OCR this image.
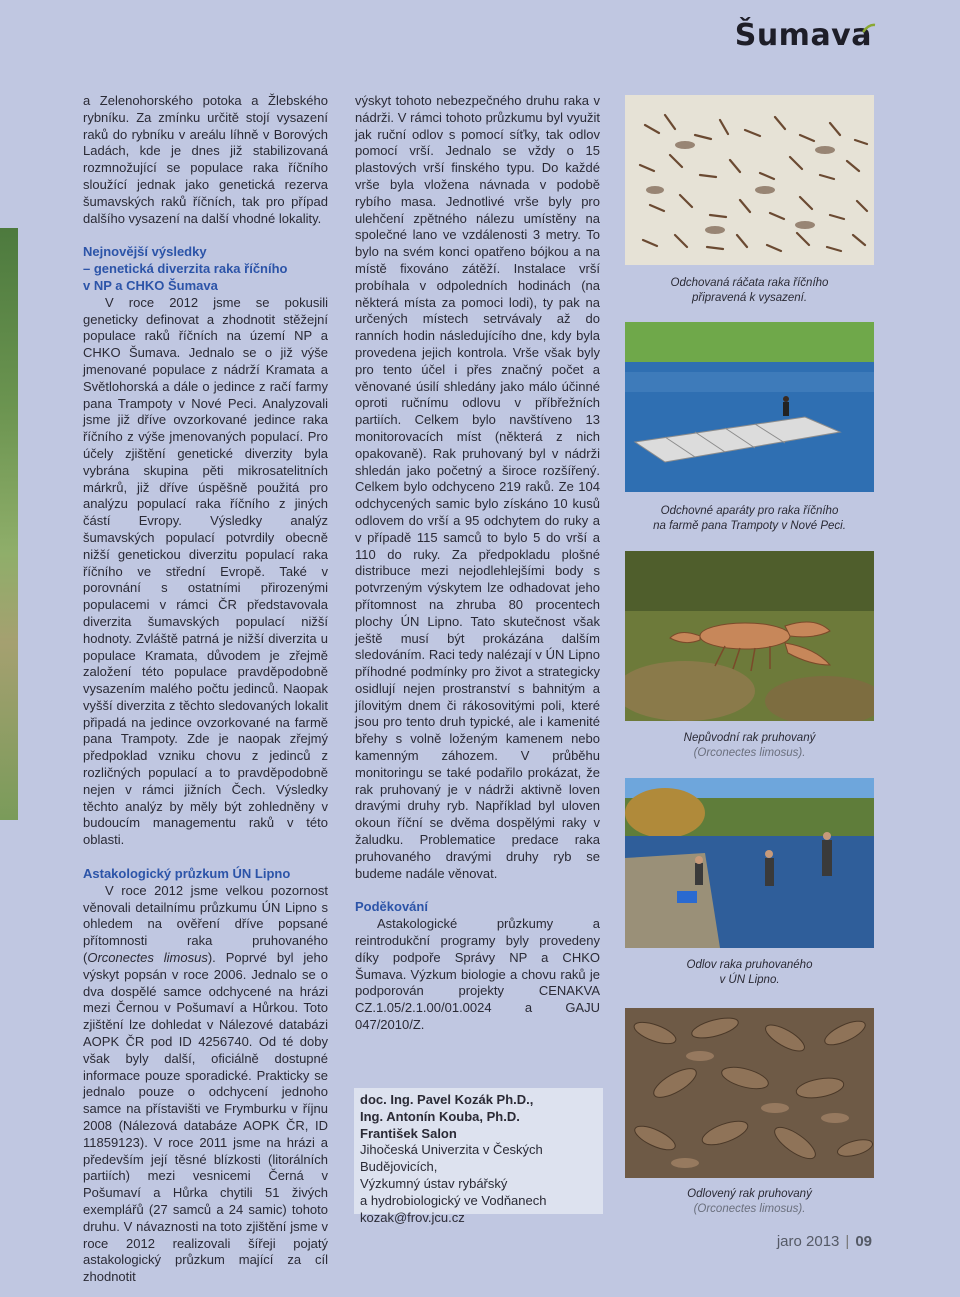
Šumava

a Zelenohorského potoka a Žlebského rybníku. Za zmínku určitě stojí vysazení raků do rybníku v areálu líhně v Borových Ladách, kde je dnes již stabilizovaná rozmnožující se populace raka říčního sloužící jednak jako genetická rezerva šumavských raků říčních, tak pro případ dalšího vysazení na další vhodné lokality.

Nejnovější výsledky
– genetická diverzita raka říčního
v NP a CHKO Šumava

V roce 2012 jsme se pokusili geneticky definovat a zhodnotit stěžejní populace raků říčních na území NP a CHKO Šumava. Jednalo se o již výše jmenované populace z nádrží Kramata a Světlohorská a dále o jedince z račí farmy pana Trampoty v Nové Peci. Analyzovali jsme již dříve ovzorkované jedince raka říčního z výše jmenovaných populací. Pro účely zjištění genetické diverzity byla vybrána skupina pěti mikrosatelitních márkrů, již dříve úspěšně použitá pro analýzu populací raka říčního z jiných částí Evropy. Výsledky analýz šumavských populací potvrdily obecně nižší genetickou diverzitu populací raka říčního ve střední Evropě. Také v porovnání s ostatními přirozenými populacemi v rámci ČR představovala diverzita šumavských populací nižší hodnoty. Zvláště patrná je nižší diverzita u populace Kramata, důvodem je zřejmě založení této populace pravděpodobně vysazením malého počtu jedinců. Naopak vyšší diverzita z těchto sledovaných lokalit připadá na jedince ovzorkované na farmě pana Trampoty. Zde je naopak zřejmý předpoklad vzniku chovu z jedinců z rozličných populací a to pravděpodobně nejen v rámci jižních Čech. Výsledky těchto analýz by měly být zohledněny v budoucím managementu raků v této oblasti.

Astakologický průzkum ÚN Lipno

V roce 2012 jsme velkou pozornost věnovali detailnímu průzkumu ÚN Lipno s ohledem na ověření dříve popsané přítomnosti raka pruhovaného (Orconectes limosus). Poprvé byl jeho výskyt popsán v roce 2006. Jednalo se o dva dospělé samce odchycené na hrázi mezi Černou v Pošumaví a Hůrkou. Toto zjištění lze dohledat v Nálezové databázi AOPK ČR pod ID 4256740. Od té doby však byly další, oficiálně dostupné informace pouze sporadické. Prakticky se jednalo pouze o odchycení jednoho samce na přístavišti ve Frymburku v říjnu 2008 (Nálezová databáze AOPK ČR, ID 11859123). V roce 2011 jsme na hrázi a především její těsné blízkosti (litorálních partiích) mezi vesnicemi Černá v Pošumaví a Hůrka chytili 51 živých exemplářů (27 samců a 24 samic) tohoto druhu. V návaznosti na toto zjištění jsme v roce 2012 realizovali šířeji pojatý astakologický průzkum mající za cíl zhodnotit

výskyt tohoto nebezpečného druhu raka v nádrži. V rámci tohoto průzkumu byl využit jak ruční odlov s pomocí síťky, tak odlov pomocí vrší. Jednalo se vždy o 15 plastových vrší finského typu. Do každé vrše byla vložena návnada v podobě rybího masa. Jednotlivé vrše byly pro ulehčení zpětného nálezu umístěny na společné lano ve vzdálenosti 3 metry. To bylo na svém konci opatřeno bójkou a na místě fixováno zátěží. Instalace vrší probíhala v odpoledních hodinách (na některá místa za pomoci lodi), ty pak na určených místech setrvávaly až do ranních hodin následujícího dne, kdy byla provedena jejich kontrola. Vrše však byly pro tento účel i přes značný počet a věnované úsilí shledány jako málo účinné oproti ručnímu odlovu v příbřežních partiích. Celkem bylo navštíveno 13 monitorovacích míst (některá z nich opakovaně). Rak pruhovaný byl v nádrži shledán jako početný a široce rozšířený. Celkem bylo odchyceno 219 raků. Ze 104 odchycených samic bylo získáno 10 kusů odlovem do vrší a 95 odchytem do ruky a v případě 115 samců to bylo 5 do vrší a 110 do ruky. Za předpokladu plošné distribuce mezi nejodlehlejšími body s potvrzeným výskytem lze odhadovat jeho přítomnost na zhruba 80 procentech plochy ÚN Lipno. Tato skutečnost však ještě musí být prokázána dalším sledováním. Raci tedy nalézají v ÚN Lipno příhodné podmínky pro život a strategicky osidlují nejen prostranství s bahnitým a jílovitým dnem či rákosovitými poli, které jsou pro tento druh typické, ale i kamenité břehy s volně loženým kamenem nebo kamenným záhozem. V průběhu monitoringu se také podařilo prokázat, že rak pruhovaný je v nádrži aktivně loven dravými druhy ryb. Například byl uloven okoun říční se dvěma dospělými raky v žaludku. Problematice predace raka pruhovaného dravými druhy ryb se budeme nadále věnovat.

Poděkování

Astakologické průzkumy a reintrodukční programy byly provedeny díky podpoře Správy NP a CHKO Šumava. Výzkum biologie a chovu raků je podporován projekty CENAKVA CZ.1.05/2.1.00/01.0024 a GAJU 047/2010/Z.

doc. Ing. Pavel Kozák Ph.D.,
Ing. Antonín Kouba, Ph.D.
František Salon
Jihočeská Univerzita v Českých Budějovicích,
Výzkumný ústav rybářský
a hydrobiologický ve Vodňanech
kozak@frov.jcu.cz
Odchovaná ráčata raka říčního
připravená k vysazení.
Odchovné aparáty pro raka říčního
na farmě pana Trampoty v Nové Peci.
Nepůvodní rak pruhovaný
(Orconectes limosus).
Odlov raka pruhovaného
v ÚN Lipno.
Odlovený rak pruhovaný
(Orconectes limosus).
jaro 2013 | 09
